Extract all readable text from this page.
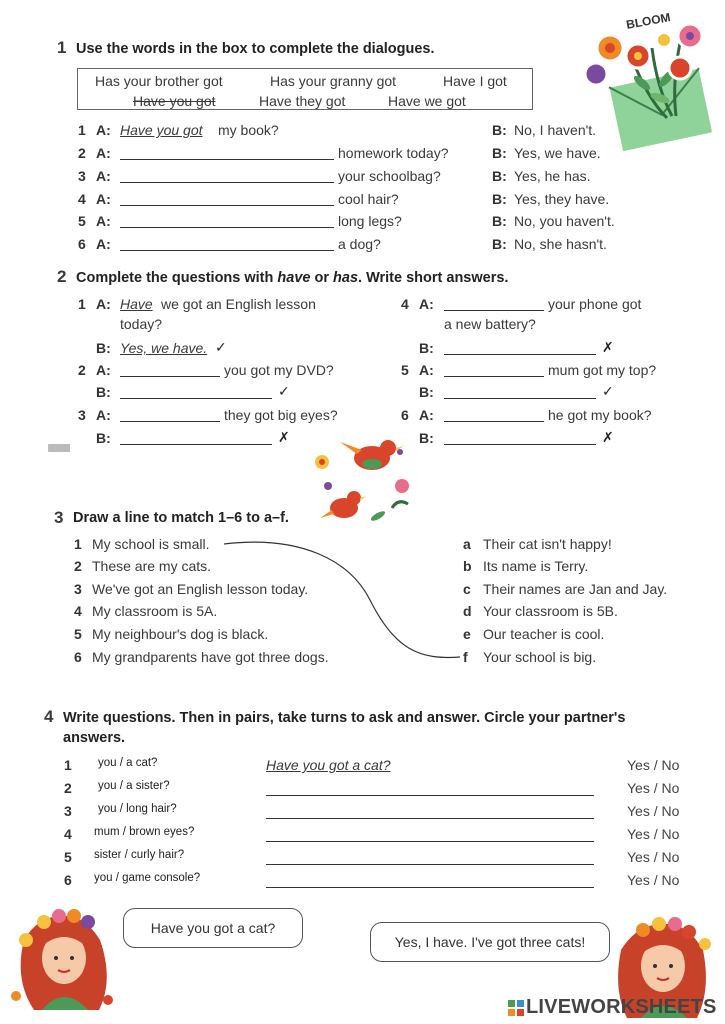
1 Use the words in the box to complete the dialogues.
Has your brother got	Has your granny got	Have I got
Have you got	Have they got	Have we got
1 A: Have you got my book?	B: No, I haven't.
2 A:	homework today?	B: Yes, we have.
3 A:	your schoolbag?	B: Yes, he has.
4 A:	cool hair?	B: Yes, they have.
5 A:	long legs?	B: No, you haven't.
6 A:	a dog?	B: No, she hasn't.
BLOOM
2 Complete the questions with have or has. Write short answers.
1 A: Have we got an English lesson
today?
B: Yes, we have. ✓
2 A:	you got my DVD?
B:	✓
3 A:	they got big eyes?
B:	✗
4 A:	your phone got
a new battery?
B:	✗
5 A:	mum got my top?
B:	✓
6 A:	he got my book?
B:	✗
3 Draw a line to match 1–6 to a–f.
1 My school is small.
2 These are my cats.
3 We've got an English lesson today.
4 My classroom is 5A.
5 My neighbour's dog is black.
6 My grandparents have got three dogs.
a Their cat isn't happy!
b Its name is Terry.
c Their names are Jan and Jay.
d Your classroom is 5B.
e Our teacher is cool.
f Your school is big.
4 Write questions. Then in pairs, take turns to ask and answer. Circle your partner's
answers.
1 you / a cat?	Have you got a cat?	Yes / No
2 you / a sister?	Yes / No
3 you / long hair?	Yes / No
4 mum / brown eyes?	Yes / No
5 sister / curly hair?	Yes / No
6 you / game console?	Yes / No
Have you got a cat?
Yes, I have. I've got three cats!
LIVEWORKSHEETS
